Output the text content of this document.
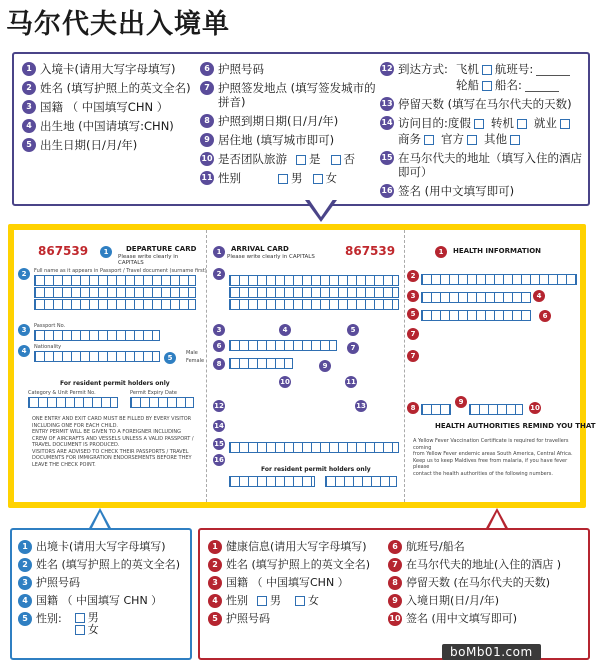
马尔代夫出入境单
1 入境卡(请用大写字母填写)
2 姓名 (填写护照上的英文全名)
3 国籍 （ 中国填写CHN ）
4 出生地 (中国请填写:CHN)
5 出生日期(日/月/年)
6 护照号码
7 护照签发地点 (填写签发城市的拼音)
8 护照到期日期(日/月/年)
9 居住地 (填写城市即可)
10 是否团队旅游	是 否
11 性别	男 女
12 到达方式: 飞机 航班号:
轮船 船名:
13 停留天数 (填写在马尔代夫的天数)
14 访问目的:度假 转机 就业
商务 官方 其他
15 在马尔代夫的地址（填写入住的酒店即可）
16 签名 (用中文填写即可)
867539	1	DEPARTURE CARD
Please write clearly in CAPITALS
2	Full name as it appears in Passport / Travel document (surname first)
3	Passport No.
4	Nationality
5
Male
Female
For resident permit holders only
Category & Unit Permit No.	Permit Expiry Date
ONE ENTRY AND EXIT CARD MUST BE FILLED BY EVERY VISITOR
INCLUDING ONE FOR EACH CHILD.
ENTRY PERMIT WILL BE GIVEN TO A FOREIGNER INCLUDING
CREW OF AIRCRAFTS AND VESSELS UNLESS A VALID PASSPORT /
TRAVEL DOCUMENT IS PRODUCED.
VISITORS ARE ADVISED TO CHECK THEIR PASSPORTS / TRAVEL
DOCUMENTS FOR IMMIGRATION ENDORSEMENTS BEFORE THEY
LEAVE THE CHECK POINT.
1	ARRIVAL CARD
Please write clearly in CAPITALS	867539
2
3	4	5
6	7
8	9
10	11
12	13
14
15
16
For resident permit holders only
1	HEALTH INFORMATION
2
3	4
5	6
7
7
8
9
10
HEALTH AUTHORITIES REMIND YOU THAT
A Yellow Fever Vaccination Certificate is required for travellers coming
from Yellow Fever endemic areas South America, Central Africa.
Keep us to keep Maldives free from malaria, if you have fever please
contact the health authorities of the following numbers.
1 出境卡(请用大写字母填写)
2 姓名 (填写护照上的英文全名)
3 护照号码
4 国籍 （ 中国填写 CHN ）
5 性别:	男
女
1 健康信息(请用大写字母填写)
2 姓名 (填写护照上的英文全名)
3 国籍 （ 中国填写CHN ）
4 性别	男 女
5 护照号码
6 航班号/船名
7 在马尔代夫的地址(入住的酒店 )
8 停留天数 (在马尔代夫的天数)
9 入境日期(日/月/年)
10 签名 (用中文填写即可)
boMb01.com
